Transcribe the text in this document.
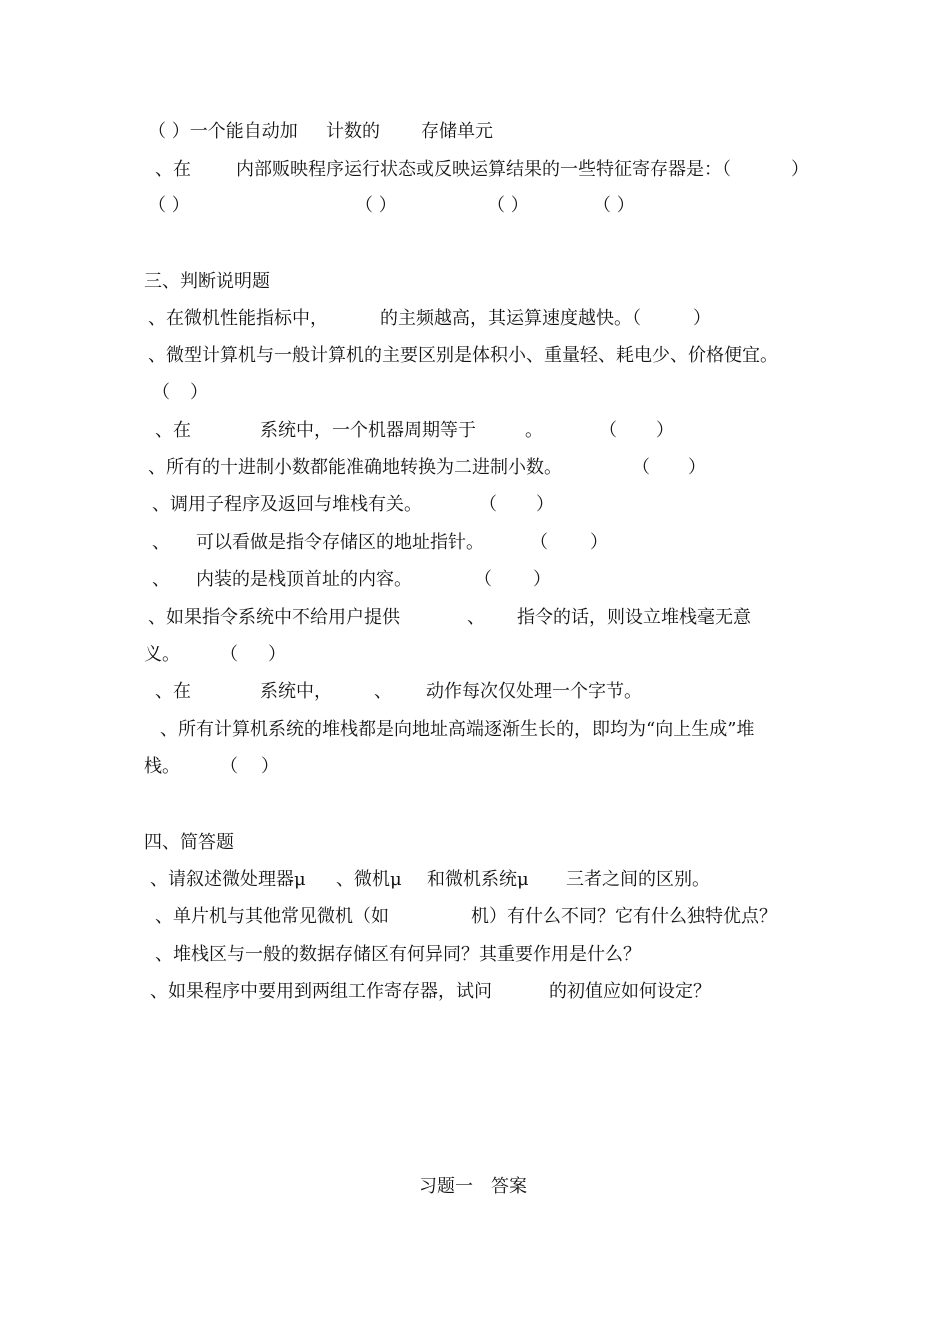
（ ）一个能自动加 计数的 存储单元
、在	内部贩映程序运行状态或反映运算结果的一些特征寄存器是：（	）
（ ）	（ ）	（ ）	（ ）
三、判断说明题
、在微机性能指标中，	的主频越高，其运算速度越快。（	）
、微型计算机与一般计算机的主要区别是体积小、重量轻、耗电少、价格便宜。
（ ）
、在	系统中，一个机器周期等于	。	（ ）
、所有的十进制小数都能准确地转换为二进制小数。	（ ）
、调用子程序及返回与堆栈有关。	（ ）
、 可以看做是指令存储区的地址指针。	（ ）
、 内装的是栈顶首址的内容。	（ ）
、如果指令系统中不给用户提供	、 指令的话，则设立堆栈毫无意
义。 （ ）
、在	系统中， 、 动作每次仅处理一个字节。
、所有计算机系统的堆栈都是向地址高端逐渐生长的，即均为“向上生成”堆
栈。 （ ）
四、简答题
、请叙述微处理器μ 、微机μ 和微机系统μ 三者之间的区别。
、单片机与其他常见微机（如	机）有什么不同？它有什么独特优点？
、堆栈区与一般的数据存储区有何异同？其重要作用是什么？
、如果程序中要用到两组工作寄存器，试问	的初值应如何设定？
习题一　答案
